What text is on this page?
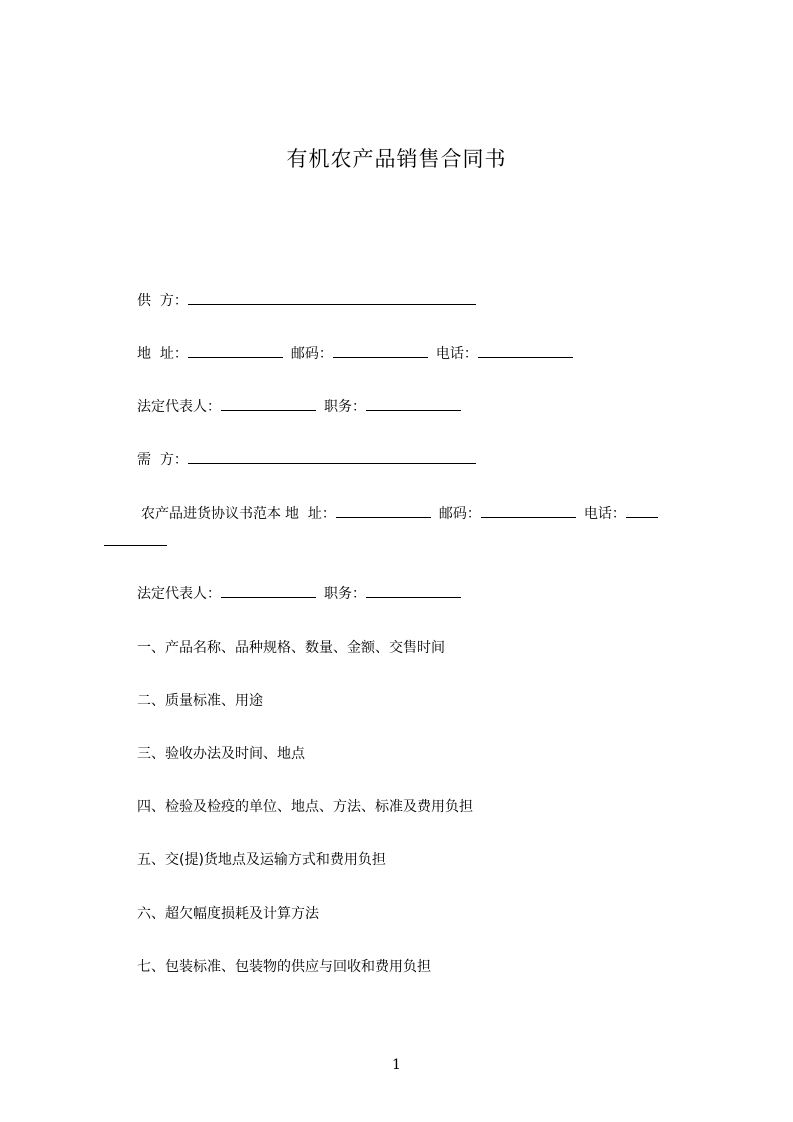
有机农产品销售合同书
供  方：
地  址：	邮码：	电话：
法定代表人：	职务：
需  方：
农产品进货协议书范本 地  址：	邮码：	电话：
法定代表人：	职务：
一、产品名称、品种规格、数量、金额、交售时间
二、质量标准、用途
三、验收办法及时间、地点
四、检验及检疫的单位、地点、方法、标准及费用负担
五、交(提)货地点及运输方式和费用负担
六、超欠幅度损耗及计算方法
七、包装标准、包装物的供应与回收和费用负担
1
